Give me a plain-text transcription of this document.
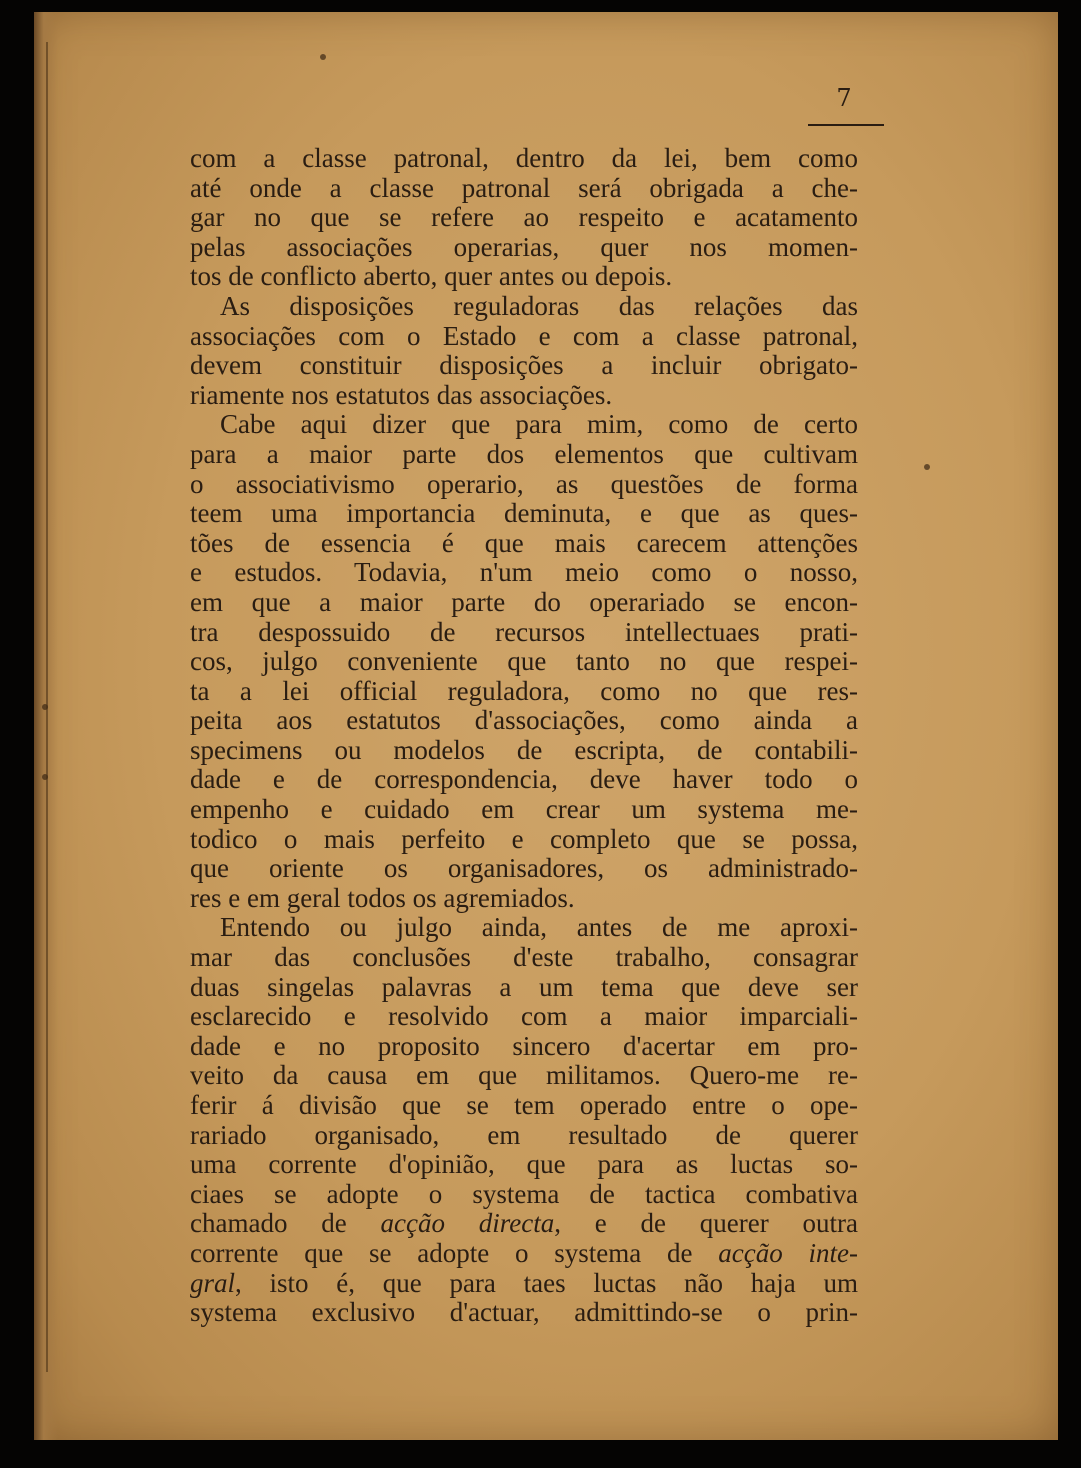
7
com a classe patronal, dentro da lei, bem como
até onde a classe patronal será obrigada a che-
gar no que se refere ao respeito e acatamento
pelas associações operarias, quer nos momen-
tos de conflicto aberto, quer antes ou depois.
As disposições reguladoras das relações das
associações com o Estado e com a classe patronal,
devem constituir disposições a incluir obrigato-
riamente nos estatutos das associações.
Cabe aqui dizer que para mim, como de certo
para a maior parte dos elementos que cultivam
o associativismo operario, as questões de forma
teem uma importancia deminuta, e que as ques-
tões de essencia é que mais carecem attenções
e estudos. Todavia, n'um meio como o nosso,
em que a maior parte do operariado se encon-
tra despossuido de recursos intellectuaes prati-
cos, julgo conveniente que tanto no que respei-
ta a lei official reguladora, como no que res-
peita aos estatutos d'associações, como ainda a
specimens ou modelos de escripta, de contabili-
dade e de correspondencia, deve haver todo o
empenho e cuidado em crear um systema me-
todico o mais perfeito e completo que se possa,
que oriente os organisadores, os administrado-
res e em geral todos os agremiados.
Entendo ou julgo ainda, antes de me aproxi-
mar das conclusões d'este trabalho, consagrar
duas singelas palavras a um tema que deve ser
esclarecido e resolvido com a maior imparciali-
dade e no proposito sincero d'acertar em pro-
veito da causa em que militamos. Quero-me re-
ferir á divisão que se tem operado entre o ope-
rariado organisado, em resultado de querer
uma corrente d'opinião, que para as luctas so-
ciaes se adopte o systema de tactica combativa
chamado de acção directa, e de querer outra
corrente que se adopte o systema de acção inte-
gral, isto é, que para taes luctas não haja um
systema exclusivo d'actuar, admittindo-se o prin-
